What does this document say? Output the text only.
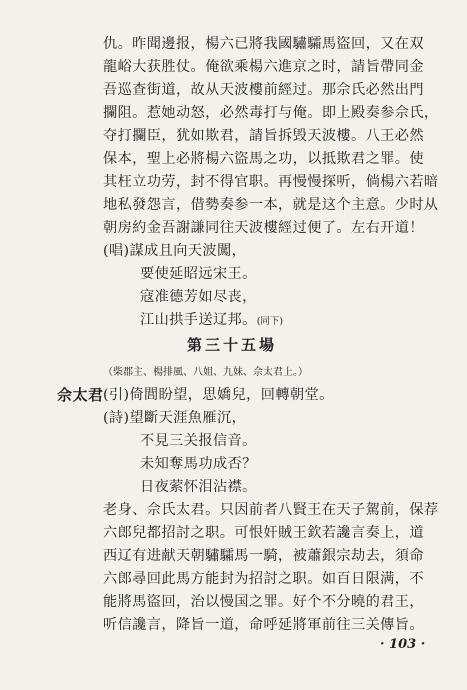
仇。昨聞邊报，楊六已將我國驌驦馬盜回，又在双
龍峪大获胜仗。俺欲乘楊六進京之时，請旨帶同金
吾巡查街道，故从天波樓前經过。那佘氏必然出門
攔阻。惹她动怒，必然毒打与俺。即上殿奏参佘氏，
夺打攔臣，犹如欺君，請旨拆毁天波樓。八王必然
保本，聖上必將楊六盜馬之功，以抵欺君之罪。使
其枉立功劳，封不得官职。再慢慢探听，倘楊六若暗
地私發怨言，借勢奏参一本，就是这个主意。少时从
朝房約金吾謝謙同往天波樓經过便了。左右开道！
(唱)謀成且向天波闖，
要使延昭远宋王。
寇准德芳如尽丧，
江山拱手送辽邦。(同下)
第三十五場
（柴郡主、楊排風、八姐、九妹、佘太君上。）
佘太君 (引)倚閭盼望，思嬌兒，回轉朝堂。
(詩)望斷天涯魚雁沉，
不見三关报信音。
未知奪馬功成否？
日夜萦怀泪沾襟。
老身、佘氏太君。只因前者八賢王在天子駕前，保荐
六郎兒都招討之职。可恨奸賊王欽若讒言奏上，道
西辽有进献天朝驌驦馬一騎，被蕭銀宗劫去，須命
六郎尋回此馬方能封为招討之职。如百日限满，不
能將馬盜回，治以慢国之罪。好个不分曉的君王，
听信讒言，降旨一道，命呼延將軍前往三关傳旨。
· 103 ·
